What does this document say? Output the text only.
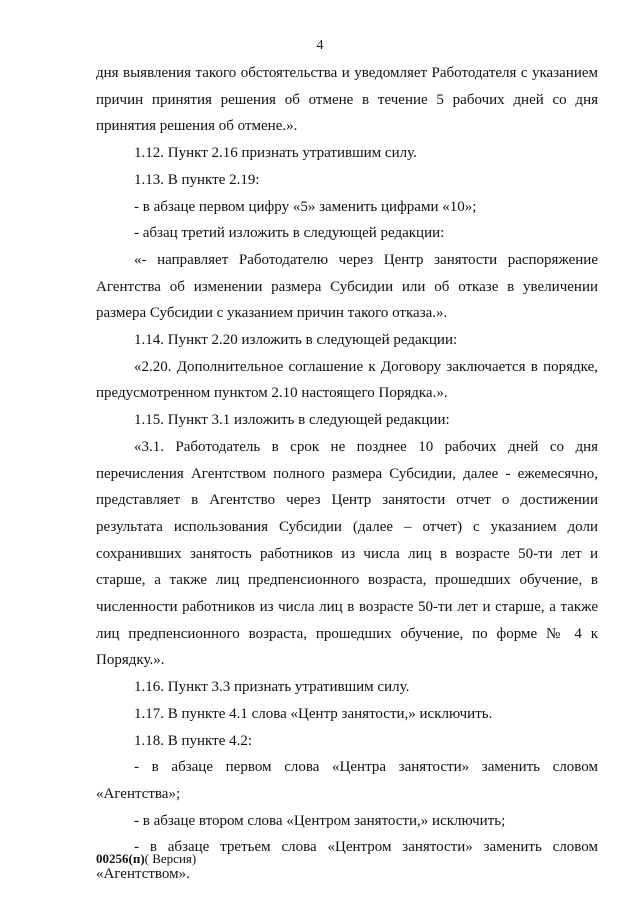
4

дня выявления такого обстоятельства и уведомляет Работодателя с указанием причин принятия решения об отмене в течение 5 рабочих дней со дня принятия решения об отмене.».

1.12. Пункт 2.16 признать утратившим силу.

1.13. В пункте 2.19:

- в абзаце первом цифру «5» заменить цифрами «10»;

- абзац третий изложить в следующей редакции:

«- направляет Работодателю через Центр занятости распоряжение Агентства об изменении размера Субсидии или об отказе в увеличении размера Субсидии с указанием причин такого отказа.».

1.14. Пункт 2.20 изложить в следующей редакции:

«2.20. Дополнительное соглашение к Договору заключается в порядке, предусмотренном пунктом 2.10 настоящего Порядка.».

1.15. Пункт 3.1 изложить в следующей редакции:

«3.1. Работодатель в срок не позднее 10 рабочих дней со дня перечисления Агентством полного размера Субсидии, далее - ежемесячно, представляет в Агентство через Центр занятости отчет о достижении результата использования Субсидии (далее – отчет) с указанием доли сохранивших занятость работников из числа лиц в возрасте 50-ти лет и старше, а также лиц предпенсионного возраста, прошедших обучение, в численности работников из числа лиц в возрасте 50-ти лет и старше, а также лиц предпенсионного возраста, прошедших обучение, по форме № 4 к Порядку.».

1.16. Пункт 3.3 признать утратившим силу.

1.17. В пункте 4.1 слова «Центр занятости,» исключить.

1.18. В пункте 4.2:

- в абзаце первом слова «Центра занятости» заменить словом «Агентства»;

- в абзаце втором слова «Центром занятости,» исключить;

- в абзаце третьем слова «Центром занятости» заменить словом «Агентством».

00256(п)( Версия)
